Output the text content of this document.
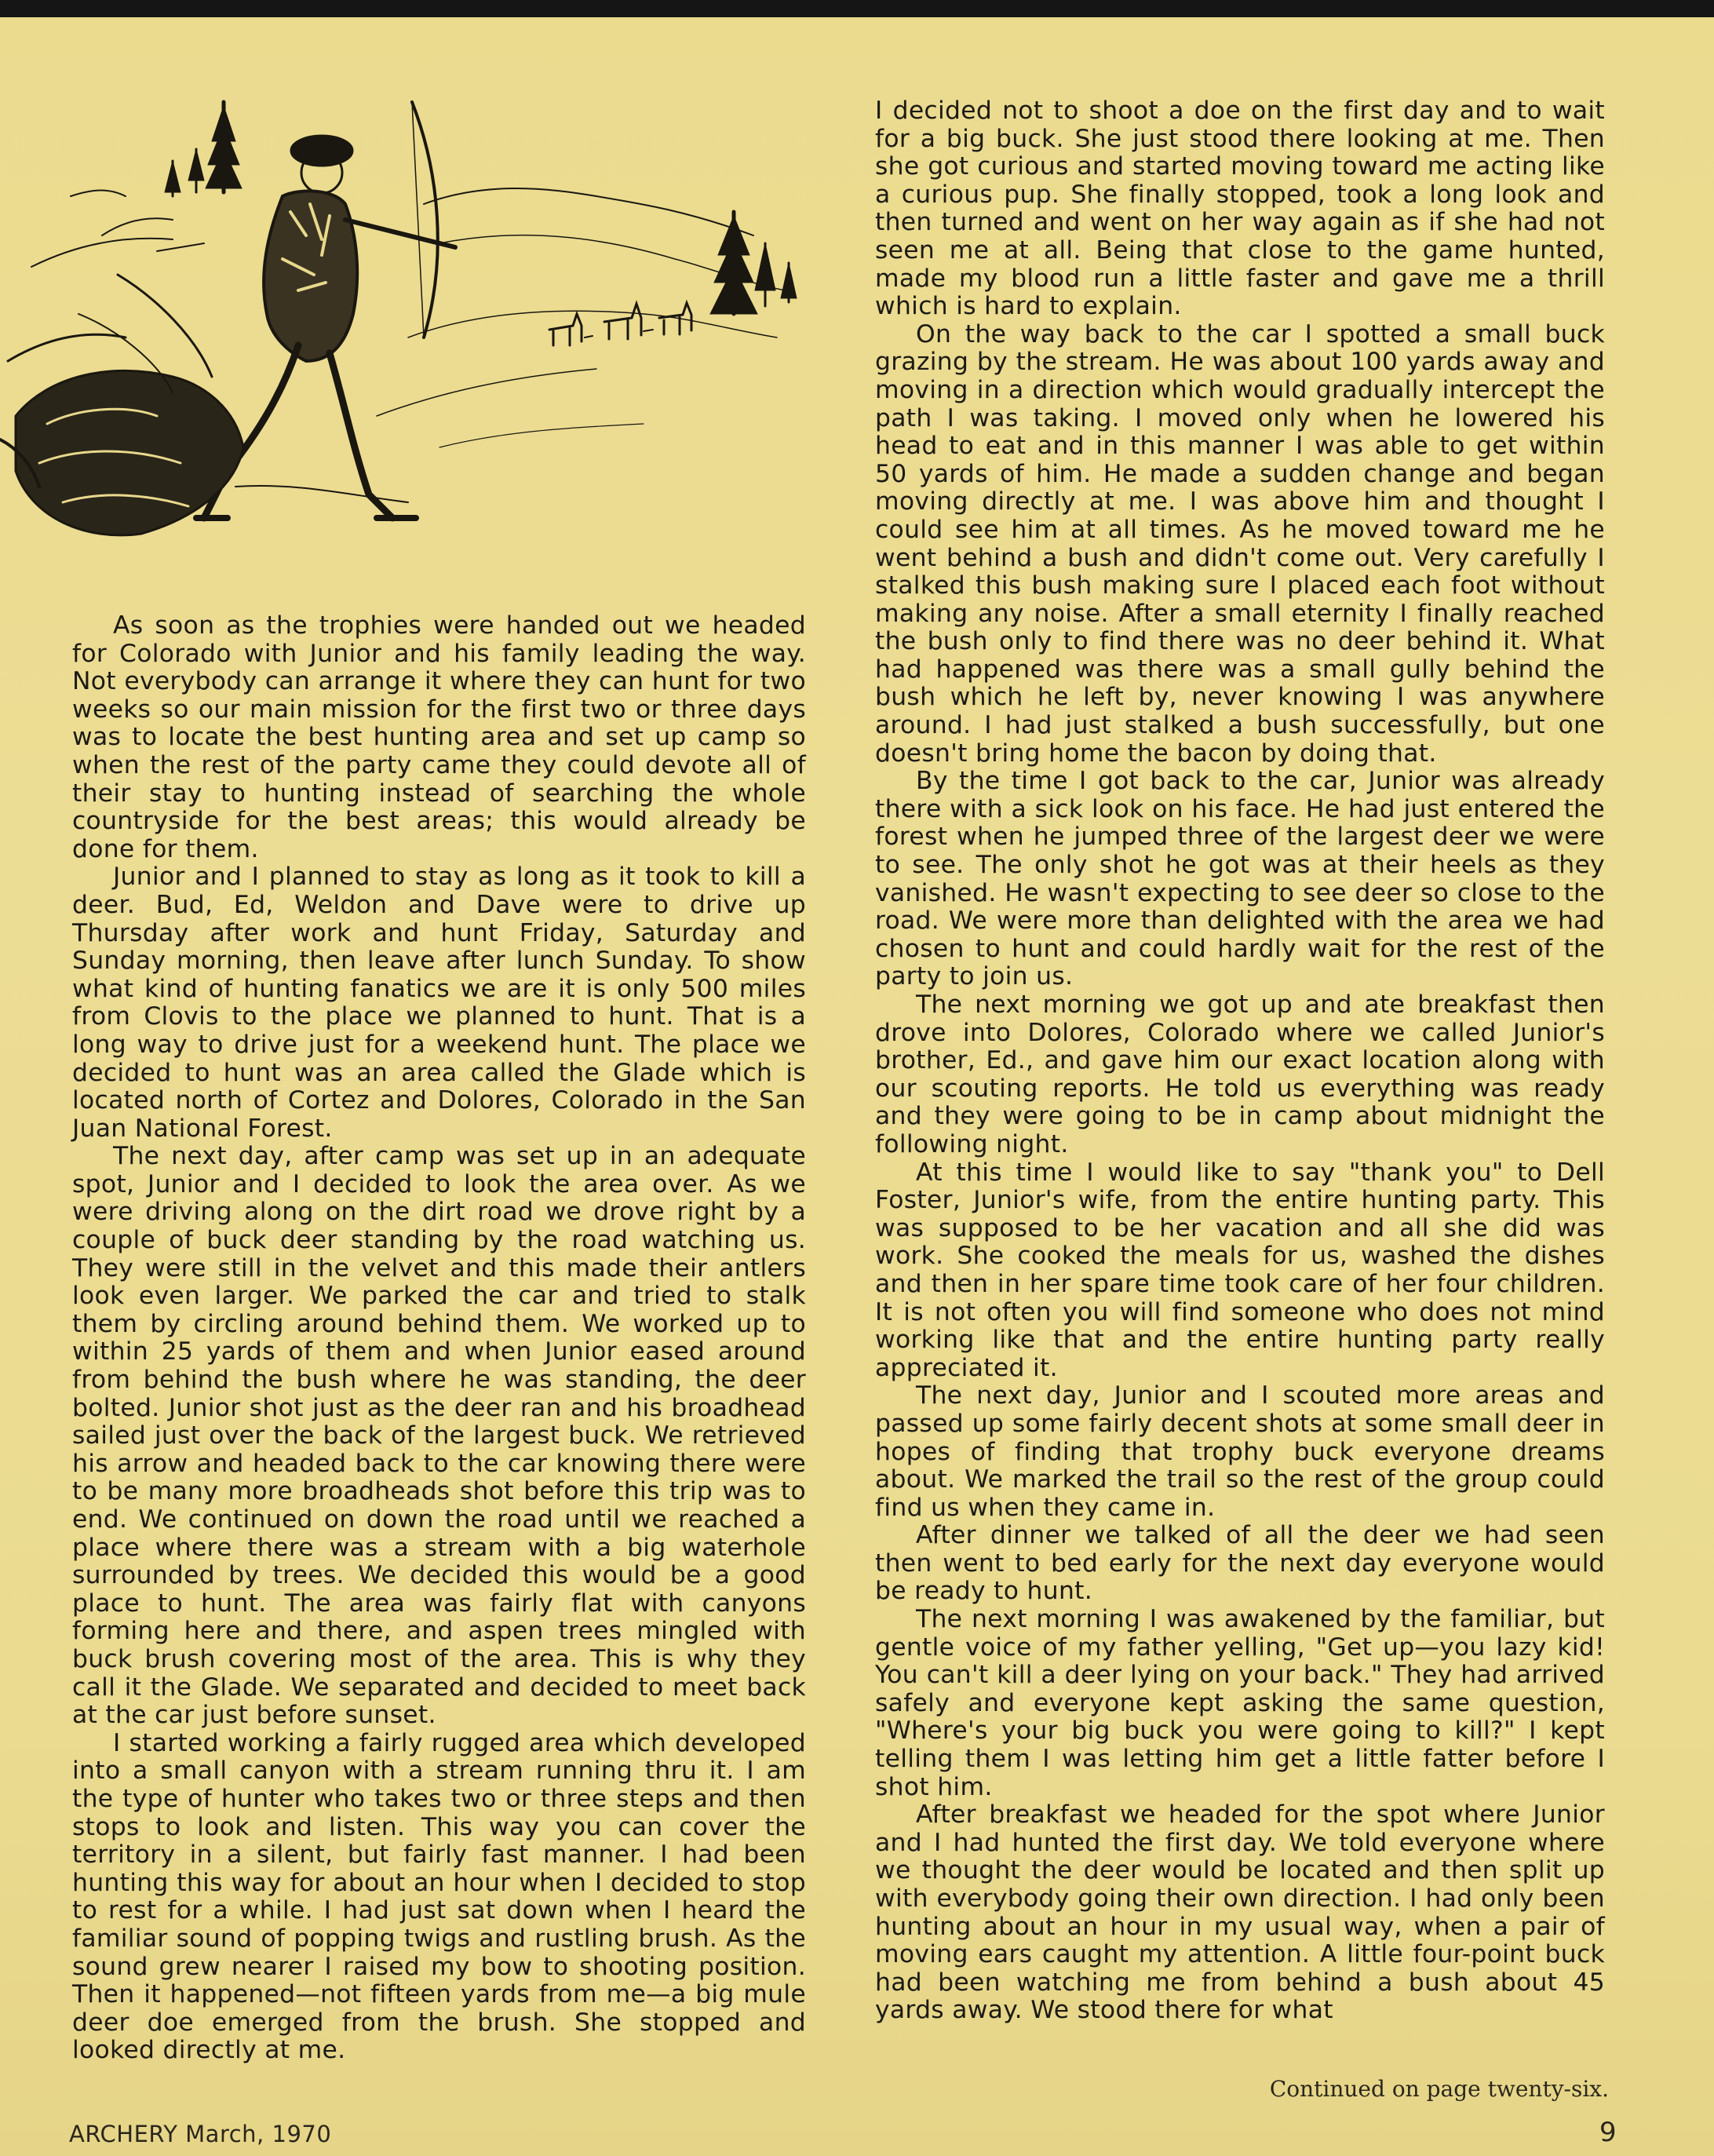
As soon as the trophies were handed out we headed for Colorado with Junior and his family leading the way. Not everybody can arrange it where they can hunt for two weeks so our main mission for the first two or three days was to locate the best hunting area and set up camp so when the rest of the party came they could devote all of their stay to hunting instead of searching the whole countryside for the best areas; this would already be done for them.

Junior and I planned to stay as long as it took to kill a deer. Bud, Ed, Weldon and Dave were to drive up Thursday after work and hunt Friday, Saturday and Sunday morning, then leave after lunch Sunday. To show what kind of hunting fanatics we are it is only 500 miles from Clovis to the place we planned to hunt. That is a long way to drive just for a weekend hunt. The place we decided to hunt was an area called the Glade which is located north of Cortez and Dolores, Colorado in the San Juan National Forest.

The next day, after camp was set up in an adequate spot, Junior and I decided to look the area over. As we were driving along on the dirt road we drove right by a couple of buck deer standing by the road watching us. They were still in the velvet and this made their antlers look even larger. We parked the car and tried to stalk them by circling around behind them. We worked up to within 25 yards of them and when Junior eased around from behind the bush where he was standing, the deer bolted. Junior shot just as the deer ran and his broadhead sailed just over the back of the largest buck. We retrieved his arrow and headed back to the car knowing there were to be many more broadheads shot before this trip was to end. We continued on down the road until we reached a place where there was a stream with a big waterhole surrounded by trees. We decided this would be a good place to hunt. The area was fairly flat with canyons forming here and there, and aspen trees mingled with buck brush covering most of the area. This is why they call it the Glade. We separated and decided to meet back at the car just before sunset.

I started working a fairly rugged area which developed into a small canyon with a stream running thru it. I am the type of hunter who takes two or three steps and then stops to look and listen. This way you can cover the territory in a silent, but fairly fast manner. I had been hunting this way for about an hour when I decided to stop to rest for a while. I had just sat down when I heard the familiar sound of popping twigs and rustling brush. As the sound grew nearer I raised my bow to shooting position. Then it happened—not fifteen yards from me—a big mule deer doe emerged from the brush. She stopped and looked directly at me.

I decided not to shoot a doe on the first day and to wait for a big buck. She just stood there looking at me. Then she got curious and started moving toward me acting like a curious pup. She finally stopped, took a long look and then turned and went on her way again as if she had not seen me at all. Being that close to the game hunted, made my blood run a little faster and gave me a thrill which is hard to explain.

On the way back to the car I spotted a small buck grazing by the stream. He was about 100 yards away and moving in a direction which would gradually intercept the path I was taking. I moved only when he lowered his head to eat and in this manner I was able to get within 50 yards of him. He made a sudden change and began moving directly at me. I was above him and thought I could see him at all times. As he moved toward me he went behind a bush and didn't come out. Very carefully I stalked this bush making sure I placed each foot without making any noise. After a small eternity I finally reached the bush only to find there was no deer behind it. What had happened was there was a small gully behind the bush which he left by, never knowing I was anywhere around. I had just stalked a bush successfully, but one doesn't bring home the bacon by doing that.

By the time I got back to the car, Junior was already there with a sick look on his face. He had just entered the forest when he jumped three of the largest deer we were to see. The only shot he got was at their heels as they vanished. He wasn't expecting to see deer so close to the road. We were more than delighted with the area we had chosen to hunt and could hardly wait for the rest of the party to join us.

The next morning we got up and ate breakfast then drove into Dolores, Colorado where we called Junior's brother, Ed., and gave him our exact location along with our scouting reports. He told us everything was ready and they were going to be in camp about midnight the following night.

At this time I would like to say "thank you" to Dell Foster, Junior's wife, from the entire hunting party. This was supposed to be her vacation and all she did was work. She cooked the meals for us, washed the dishes and then in her spare time took care of her four children. It is not often you will find someone who does not mind working like that and the entire hunting party really appreciated it.

The next day, Junior and I scouted more areas and passed up some fairly decent shots at some small deer in hopes of finding that trophy buck everyone dreams about. We marked the trail so the rest of the group could find us when they came in.

After dinner we talked of all the deer we had seen then went to bed early for the next day everyone would be ready to hunt.

The next morning I was awakened by the familiar, but gentle voice of my father yelling, "Get up—you lazy kid! You can't kill a deer lying on your back." They had arrived safely and everyone kept asking the same question, "Where's your big buck you were going to kill?" I kept telling them I was letting him get a little fatter before I shot him.

After breakfast we headed for the spot where Junior and I had hunted the first day. We told everyone where we thought the deer would be located and then split up with everybody going their own direction. I had only been hunting about an hour in my usual way, when a pair of moving ears caught my attention. A little four-point buck had been watching me from behind a bush about 45 yards away. We stood there for what

Continued on page twenty-six.
ARCHERY March, 1970	9
